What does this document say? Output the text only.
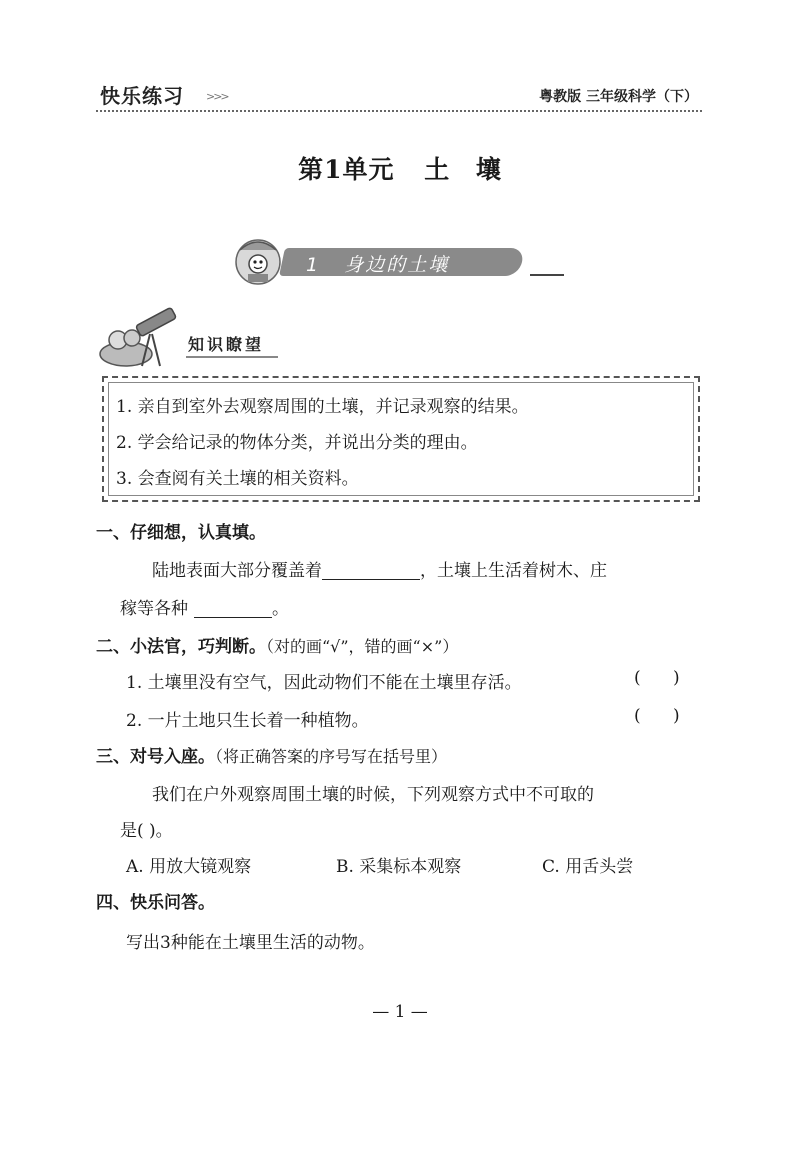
快乐练习 >>>	粤教版 三年级科学（下）
第1单元 土 壤
1   身边的土壤
知识瞭望
1. 亲自到室外去观察周围的土壤，并记录观察的结果。
2. 学会给记录的物体分类，并说出分类的理由。
3. 会查阅有关土壤的相关资料。
一、仔细想，认真填。
陆地表面大部分覆盖着	，土壤上生活着树木、庄
稼等各种	。
二、小法官，巧判断。（对的画“√”，错的画“×”）
1. 土壤里没有空气，因此动物们不能在土壤里存活。	(      )
2. 一片土地只生长着一种植物。	(      )
三、对号入座。（将正确答案的序号写在括号里）
我们在户外观察周围土壤的时候，下列观察方式中不可取的
是( )。
A. 用放大镜观察	B. 采集标本观察	C. 用舌头尝
四、快乐问答。
写出3种能在土壤里生活的动物。
— 1 —
